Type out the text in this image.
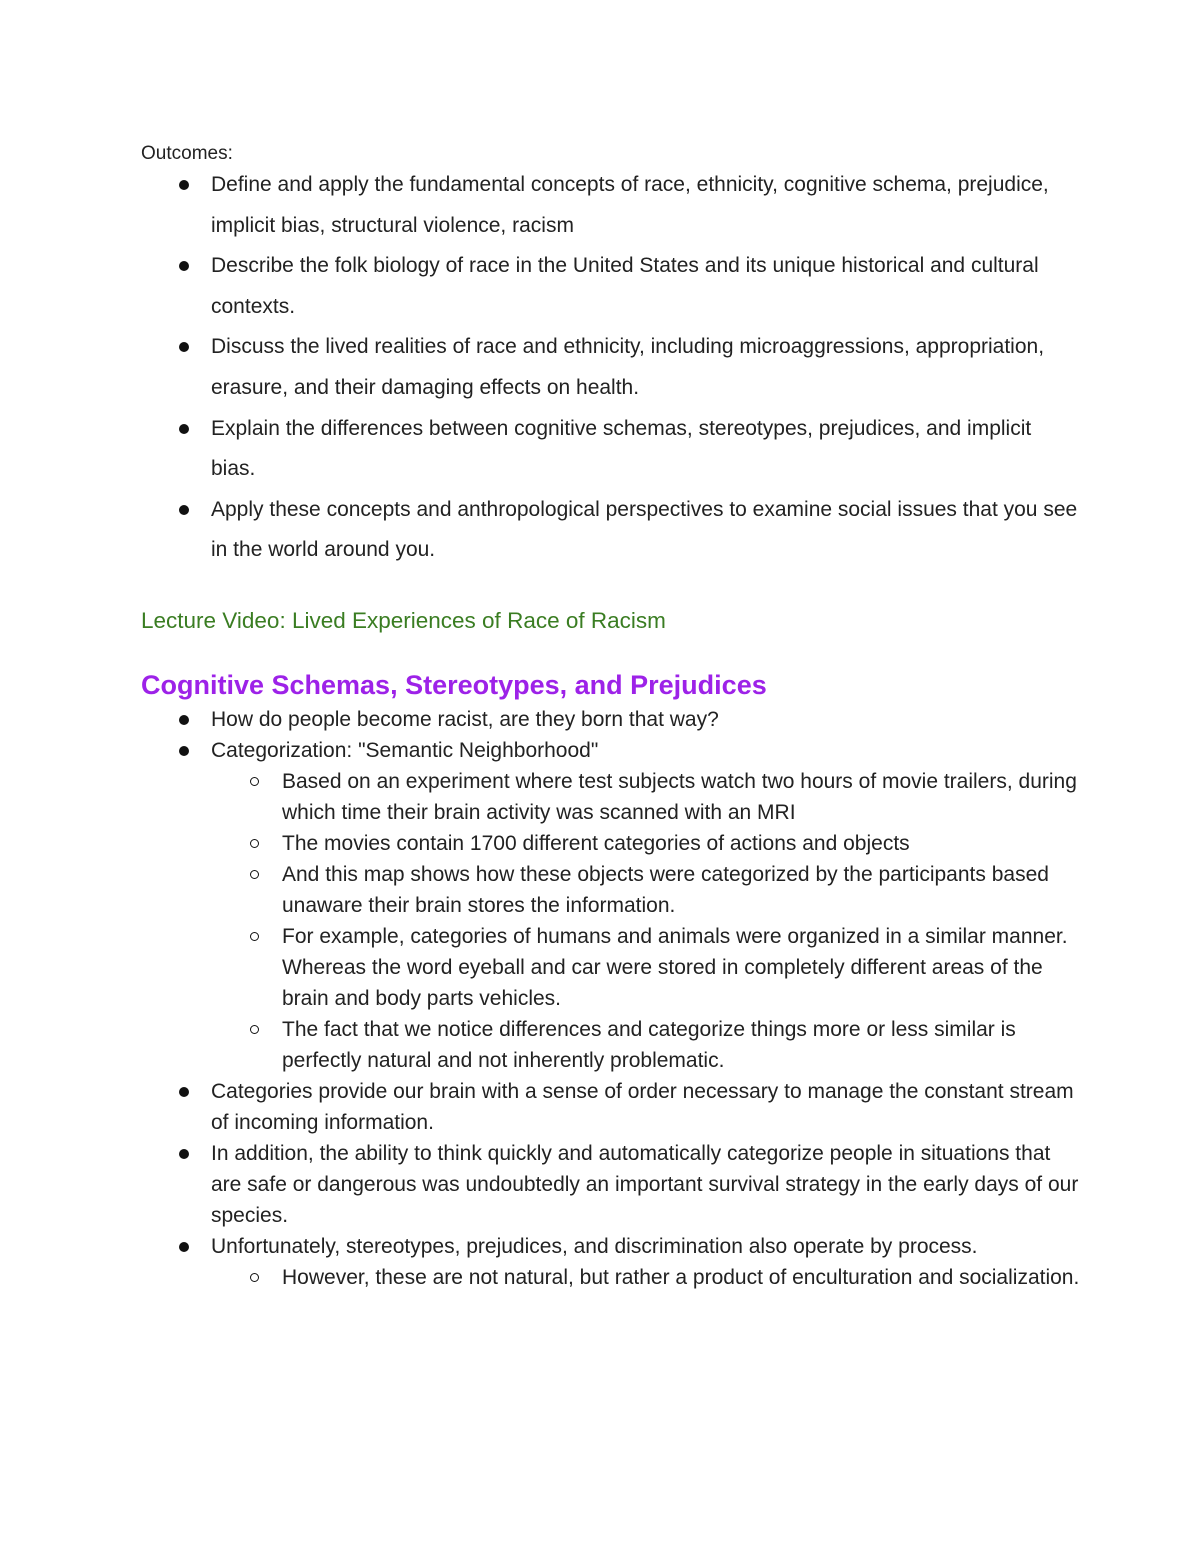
Outcomes:
Define and apply the fundamental concepts of race, ethnicity, cognitive schema, prejudice, implicit bias, structural violence, racism
Describe the folk biology of race in the United States and its unique historical and cultural contexts.
Discuss the lived realities of race and ethnicity, including microaggressions, appropriation, erasure, and their damaging effects on health.
Explain the differences between cognitive schemas, stereotypes, prejudices, and implicit bias.
Apply these concepts and anthropological perspectives to examine social issues that you see in the world around you.
Lecture Video: Lived Experiences of Race of Racism
Cognitive Schemas, Stereotypes, and Prejudices
How do people become racist, are they born that way?
Categorization: "Semantic Neighborhood"
Based on an experiment where test subjects watch two hours of movie trailers, during which time their brain activity was scanned with an MRI
The movies contain 1700 different categories of actions and objects
And this map shows how these objects were categorized by the participants based unaware their brain stores the information.
For example, categories of humans and animals were organized in a similar manner. Whereas the word eyeball and car were stored in completely different areas of the brain and body parts vehicles.
The fact that we notice differences and categorize things more or less similar is perfectly natural and not inherently problematic.
Categories provide our brain with a sense of order necessary to manage the constant stream of incoming information.
In addition, the ability to think quickly and automatically categorize people in situations that are safe or dangerous was undoubtedly an important survival strategy in the early days of our species.
Unfortunately, stereotypes, prejudices, and discrimination also operate by process.
However, these are not natural, but rather a product of enculturation and socialization.
